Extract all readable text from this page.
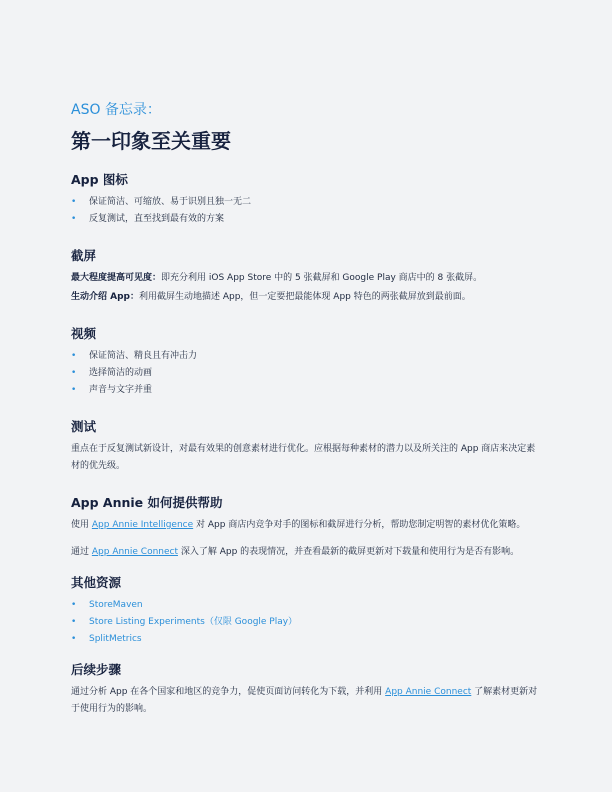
ASO 备忘录：
第一印象至关重要
App 图标
• 保证简洁、可缩放、易于识别且独一无二
• 反复测试，直至找到最有效的方案
截屏

最大程度提高可见度：即充分利用 iOS App Store 中的 5 张截屏和 Google Play 商店中的 8 张截屏。

生动介绍 App：利用截屏生动地描述 App，但一定要把最能体现 App 特色的两张截屏放到最前面。

视频
• 保证简洁、精良且有冲击力
• 选择简洁的动画
• 声音与文字并重
测试

重点在于反复测试新设计，对最有效果的创意素材进行优化。应根据每种素材的潜力以及所关注的 App 商店来决定素材的优先级。

App Annie 如何提供帮助

使用 App Annie Intelligence 对 App 商店内竞争对手的图标和截屏进行分析，帮助您制定明智的素材优化策略。

通过 App Annie Connect 深入了解 App 的表现情况，并查看最新的截屏更新对下载量和使用行为是否有影响。

其他资源
• StoreMaven
• Store Listing Experiments（仅限 Google Play）
• SplitMetrics
后续步骤

通过分析 App 在各个国家和地区的竞争力，促使页面访问转化为下载，并利用 App Annie Connect 了解素材更新对于使用行为的影响。
